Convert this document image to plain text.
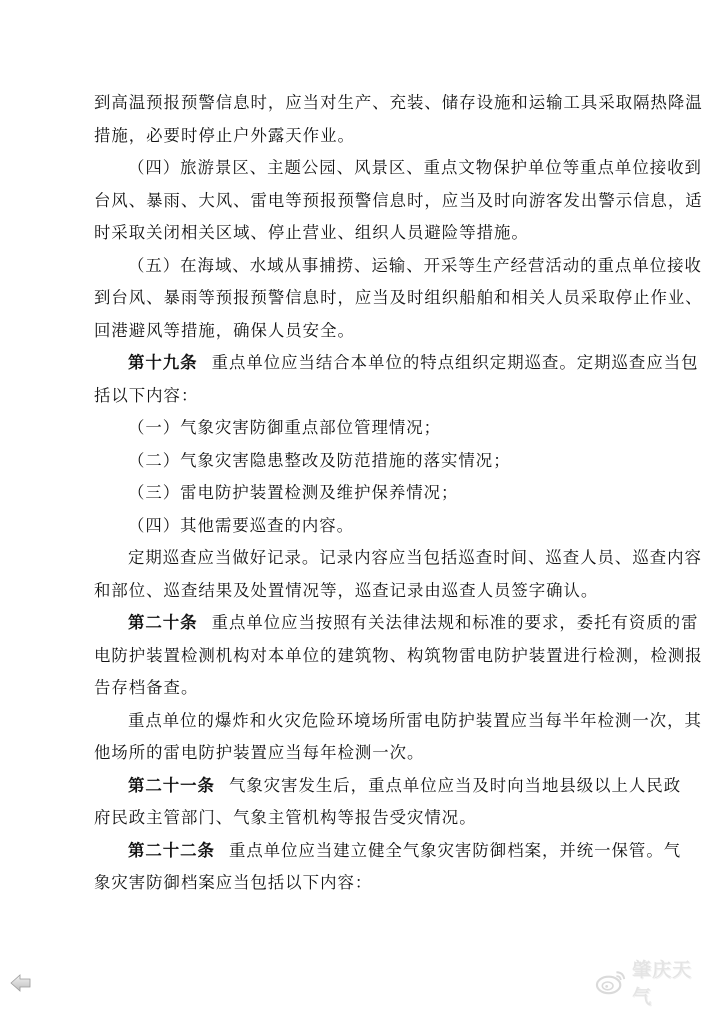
到高温预报预警信息时，应当对生产、充装、储存设施和运输工具采取隔热降温
措施，必要时停止户外露天作业。
（四）旅游景区、主题公园、风景区、重点文物保护单位等重点单位接收到
台风、暴雨、大风、雷电等预报预警信息时，应当及时向游客发出警示信息，适
时采取关闭相关区域、停止营业、组织人员避险等措施。
（五）在海域、水域从事捕捞、运输、开采等生产经营活动的重点单位接收
到台风、暴雨等预报预警信息时，应当及时组织船舶和相关人员采取停止作业、
回港避风等措施，确保人员安全。
第十九条 重点单位应当结合本单位的特点组织定期巡查。定期巡查应当包
括以下内容：
（一）气象灾害防御重点部位管理情况；
（二）气象灾害隐患整改及防范措施的落实情况；
（三）雷电防护装置检测及维护保养情况；
（四）其他需要巡查的内容。
定期巡查应当做好记录。记录内容应当包括巡查时间、巡查人员、巡查内容
和部位、巡查结果及处置情况等，巡查记录由巡查人员签字确认。
第二十条 重点单位应当按照有关法律法规和标准的要求，委托有资质的雷
电防护装置检测机构对本单位的建筑物、构筑物雷电防护装置进行检测，检测报
告存档备查。
重点单位的爆炸和火灾危险环境场所雷电防护装置应当每半年检测一次，其
他场所的雷电防护装置应当每年检测一次。
第二十一条 气象灾害发生后，重点单位应当及时向当地县级以上人民政
府民政主管部门、气象主管机构等报告受灾情况。
第二十二条 重点单位应当建立健全气象灾害防御档案，并统一保管。气
象灾害防御档案应当包括以下内容：
肇庆天气
